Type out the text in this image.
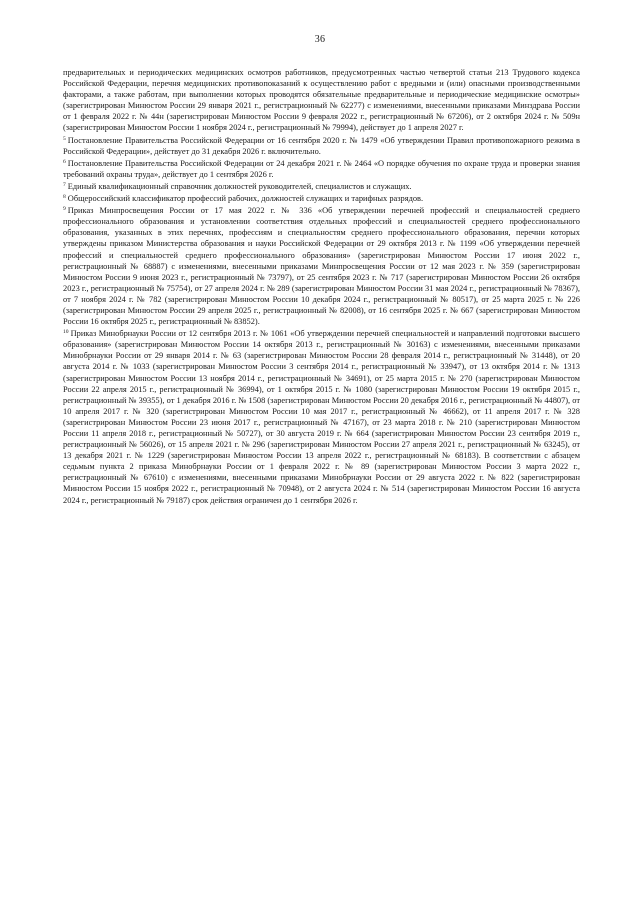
36

предварительных и периодических медицинских осмотров работников, предусмотренных частью четвертой статьи 213 Трудового кодекса Российской Федерации, перечня медицинских противопоказаний к осуществлению работ с вредными и (или) опасными производственными факторами, а также работам, при выполнении которых проводятся обязательные предварительные и периодические медицинские осмотры» (зарегистрирован Минюстом России 29 января 2021 г., регистрационный № 62277) с изменениями, внесенными приказами Минздрава России от 1 февраля 2022 г. № 44н (зарегистрирован Минюстом России 9 февраля 2022 г., регистрационный № 67206), от 2 октября 2024 г. № 509н (зарегистрирован Минюстом России 1 ноября 2024 г., регистрационный № 79994), действует до 1 апреля 2027 г.

$^5$ Постановление Правительства Российской Федерации от 16 сентября 2020 г. № 1479 «Об утверждении Правил противопожарного режима в Российской Федерации», действует до 31 декабря 2026 г. включительно.

$^6$ Постановление Правительства Российской Федерации от 24 декабря 2021 г. № 2464 «О порядке обучения по охране труда и проверки знания требований охраны труда», действует до 1 сентября 2026 г.

$^7$ Единый квалификационный справочник должностей руководителей, специалистов и служащих.

$^8$ Общероссийский классификатор профессий рабочих, должностей служащих и тарифных разрядов.

$^9$ Приказ Минпросвещения России от 17 мая 2022 г. № 336 «Об утверждении перечней профессий и специальностей среднего профессионального образования и установлении соответствия отдельных профессий и специальностей среднего профессионального образования, указанных в этих перечнях, профессиям и специальностям среднего профессионального образования, перечни которых утверждены приказом Министерства образования и науки Российской Федерации от 29 октября 2013 г. № 1199 «Об утверждении перечней профессий и специальностей среднего профессионального образования» (зарегистрирован Минюстом России 17 июня 2022 г., регистрационный № 68887) с изменениями, внесенными приказами Минпросвещения России от 12 мая 2023 г. № 359 (зарегистрирован Минюстом России 9 июня 2023 г., регистрационный № 73797), от 25 сентября 2023 г. № 717 (зарегистрирован Минюстом России 26 октября 2023 г., регистрационный № 75754), от 27 апреля 2024 г. № 289 (зарегистрирован Минюстом России 31 мая 2024 г., регистрационный № 78367), от 7 ноября 2024 г. № 782 (зарегистрирован Минюстом России 10 декабря 2024 г., регистрационный № 80517), от 25 марта 2025 г. № 226 (зарегистрирован Минюстом России 29 апреля 2025 г., регистрационный № 82008), от 16 сентября 2025 г. № 667 (зарегистрирован Минюстом России 16 октября 2025 г., регистрационный № 83852).

$^{10}$ Приказ Минобрнауки России от 12 сентября 2013 г. № 1061 «Об утверждении перечней специальностей и направлений подготовки высшего образования» (зарегистрирован Минюстом России 14 октября 2013 г., регистрационный № 30163) с изменениями, внесенными приказами Минобрнауки России от 29 января 2014 г. № 63 (зарегистрирован Минюстом России 28 февраля 2014 г., регистрационный № 31448), от 20 августа 2014 г. № 1033 (зарегистрирован Минюстом России 3 сентября 2014 г., регистрационный № 33947), от 13 октября 2014 г. № 1313 (зарегистрирован Минюстом России 13 ноября 2014 г., регистрационный № 34691), от 25 марта 2015 г. № 270 (зарегистрирован Минюстом России 22 апреля 2015 г., регистрационный № 36994), от 1 октября 2015 г. № 1080 (зарегистрирован Минюстом России 19 октября 2015 г., регистрационный № 39355), от 1 декабря 2016 г. № 1508 (зарегистрирован Минюстом России 20 декабря 2016 г., регистрационный № 44807), от 10 апреля 2017 г. № 320 (зарегистрирован Минюстом России 10 мая 2017 г., регистрационный № 46662), от 11 апреля 2017 г. № 328 (зарегистрирован Минюстом России 23 июня 2017 г., регистрационный № 47167), от 23 марта 2018 г. № 210 (зарегистрирован Минюстом России 11 апреля 2018 г., регистрационный № 50727), от 30 августа 2019 г. № 664 (зарегистрирован Минюстом России 23 сентября 2019 г., регистрационный № 56026), от 15 апреля 2021 г. № 296 (зарегистрирован Минюстом России 27 апреля 2021 г., регистрационный № 63245), от 13 декабря 2021 г. № 1229 (зарегистрирован Минюстом России 13 апреля 2022 г., регистрационный № 68183). В соответствии с абзацем седьмым пункта 2 приказа Минобрнауки России от 1 февраля 2022 г. № 89 (зарегистрирован Минюстом России 3 марта 2022 г., регистрационный № 67610) с изменениями, внесенными приказами Минобрнауки России от 29 августа 2022 г. № 822 (зарегистрирован Минюстом России 15 ноября 2022 г., регистрационный № 70948), от 2 августа 2024 г. № 514 (зарегистрирован Минюстом России 16 августа 2024 г., регистрационный № 79187) срок действия ограничен до 1 сентября 2026 г.
